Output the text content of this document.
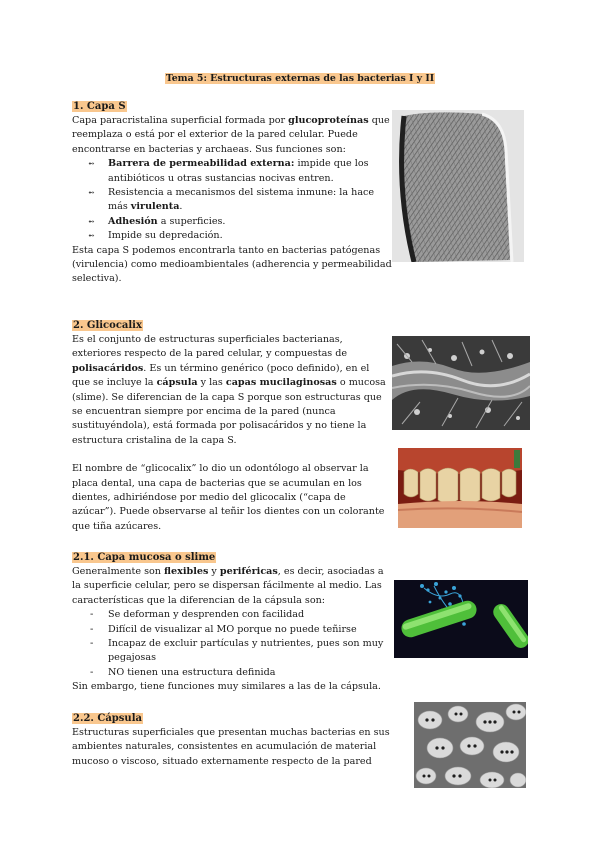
Tema 5: Estructuras externas de las bacterias I y II
1. Capa S

Capa paracristalina superficial formada por glucoproteínas que reemplaza o está por el exterior de la pared celular. Puede encontrarse en bacterias y archaeas. Sus funciones son:

➻ Barrera de permeabilidad externa: impide que los antibióticos u otras sustancias nocivas entren.
➻ Resistencia a mecanismos del sistema inmune: la hace más virulenta.
➻ Adhesión a superficies.
➻ Impide su depredación.

Esta capa S podemos encontrarla tanto en bacterias patógenas (virulencia) como medioambientales (adherencia y permeabilidad selectiva).

2. Glicocalix

Es el conjunto de estructuras superficiales bacterianas, exteriores respecto de la pared celular, y compuestas de polisacáridos. Es un término genérico (poco definido), en el que se incluye la cápsula y las capas mucilaginosas o mucosa (slime). Se diferencian de la capa S porque son estructuras que se encuentran siempre por encima de la pared (nunca sustituyéndola), está formada por polisacáridos y no tiene la estructura cristalina de la capa S.

El nombre de “glicocalix” lo dio un odontólogo al observar la placa dental, una capa de bacterias que se acumulan en los dientes, adhiriéndose por medio del glicocalix (“capa de azúcar”). Puede observarse al teñir los dientes con un colorante que tiña azúcares.

2.1. Capa mucosa o slime

Generalmente son flexibles y periféricas, es decir, asociadas a la superficie celular, pero se dispersan fácilmente al medio. Las características que la diferencian de la cápsula son:

- Se deforman y desprenden con facilidad
- Difícil de visualizar al MO porque no puede teñirse
- Incapaz de excluir partículas y nutrientes, pues son muy pegajosas
- NO tienen una estructura definida

Sin embargo, tiene funciones muy similares a las de la cápsula.

2.2. Cápsula

Estructuras superficiales que presentan muchas bacterias en sus ambientes naturales, consistentes en acumulación de material mucoso o viscoso, situado externamente respecto de la pared
